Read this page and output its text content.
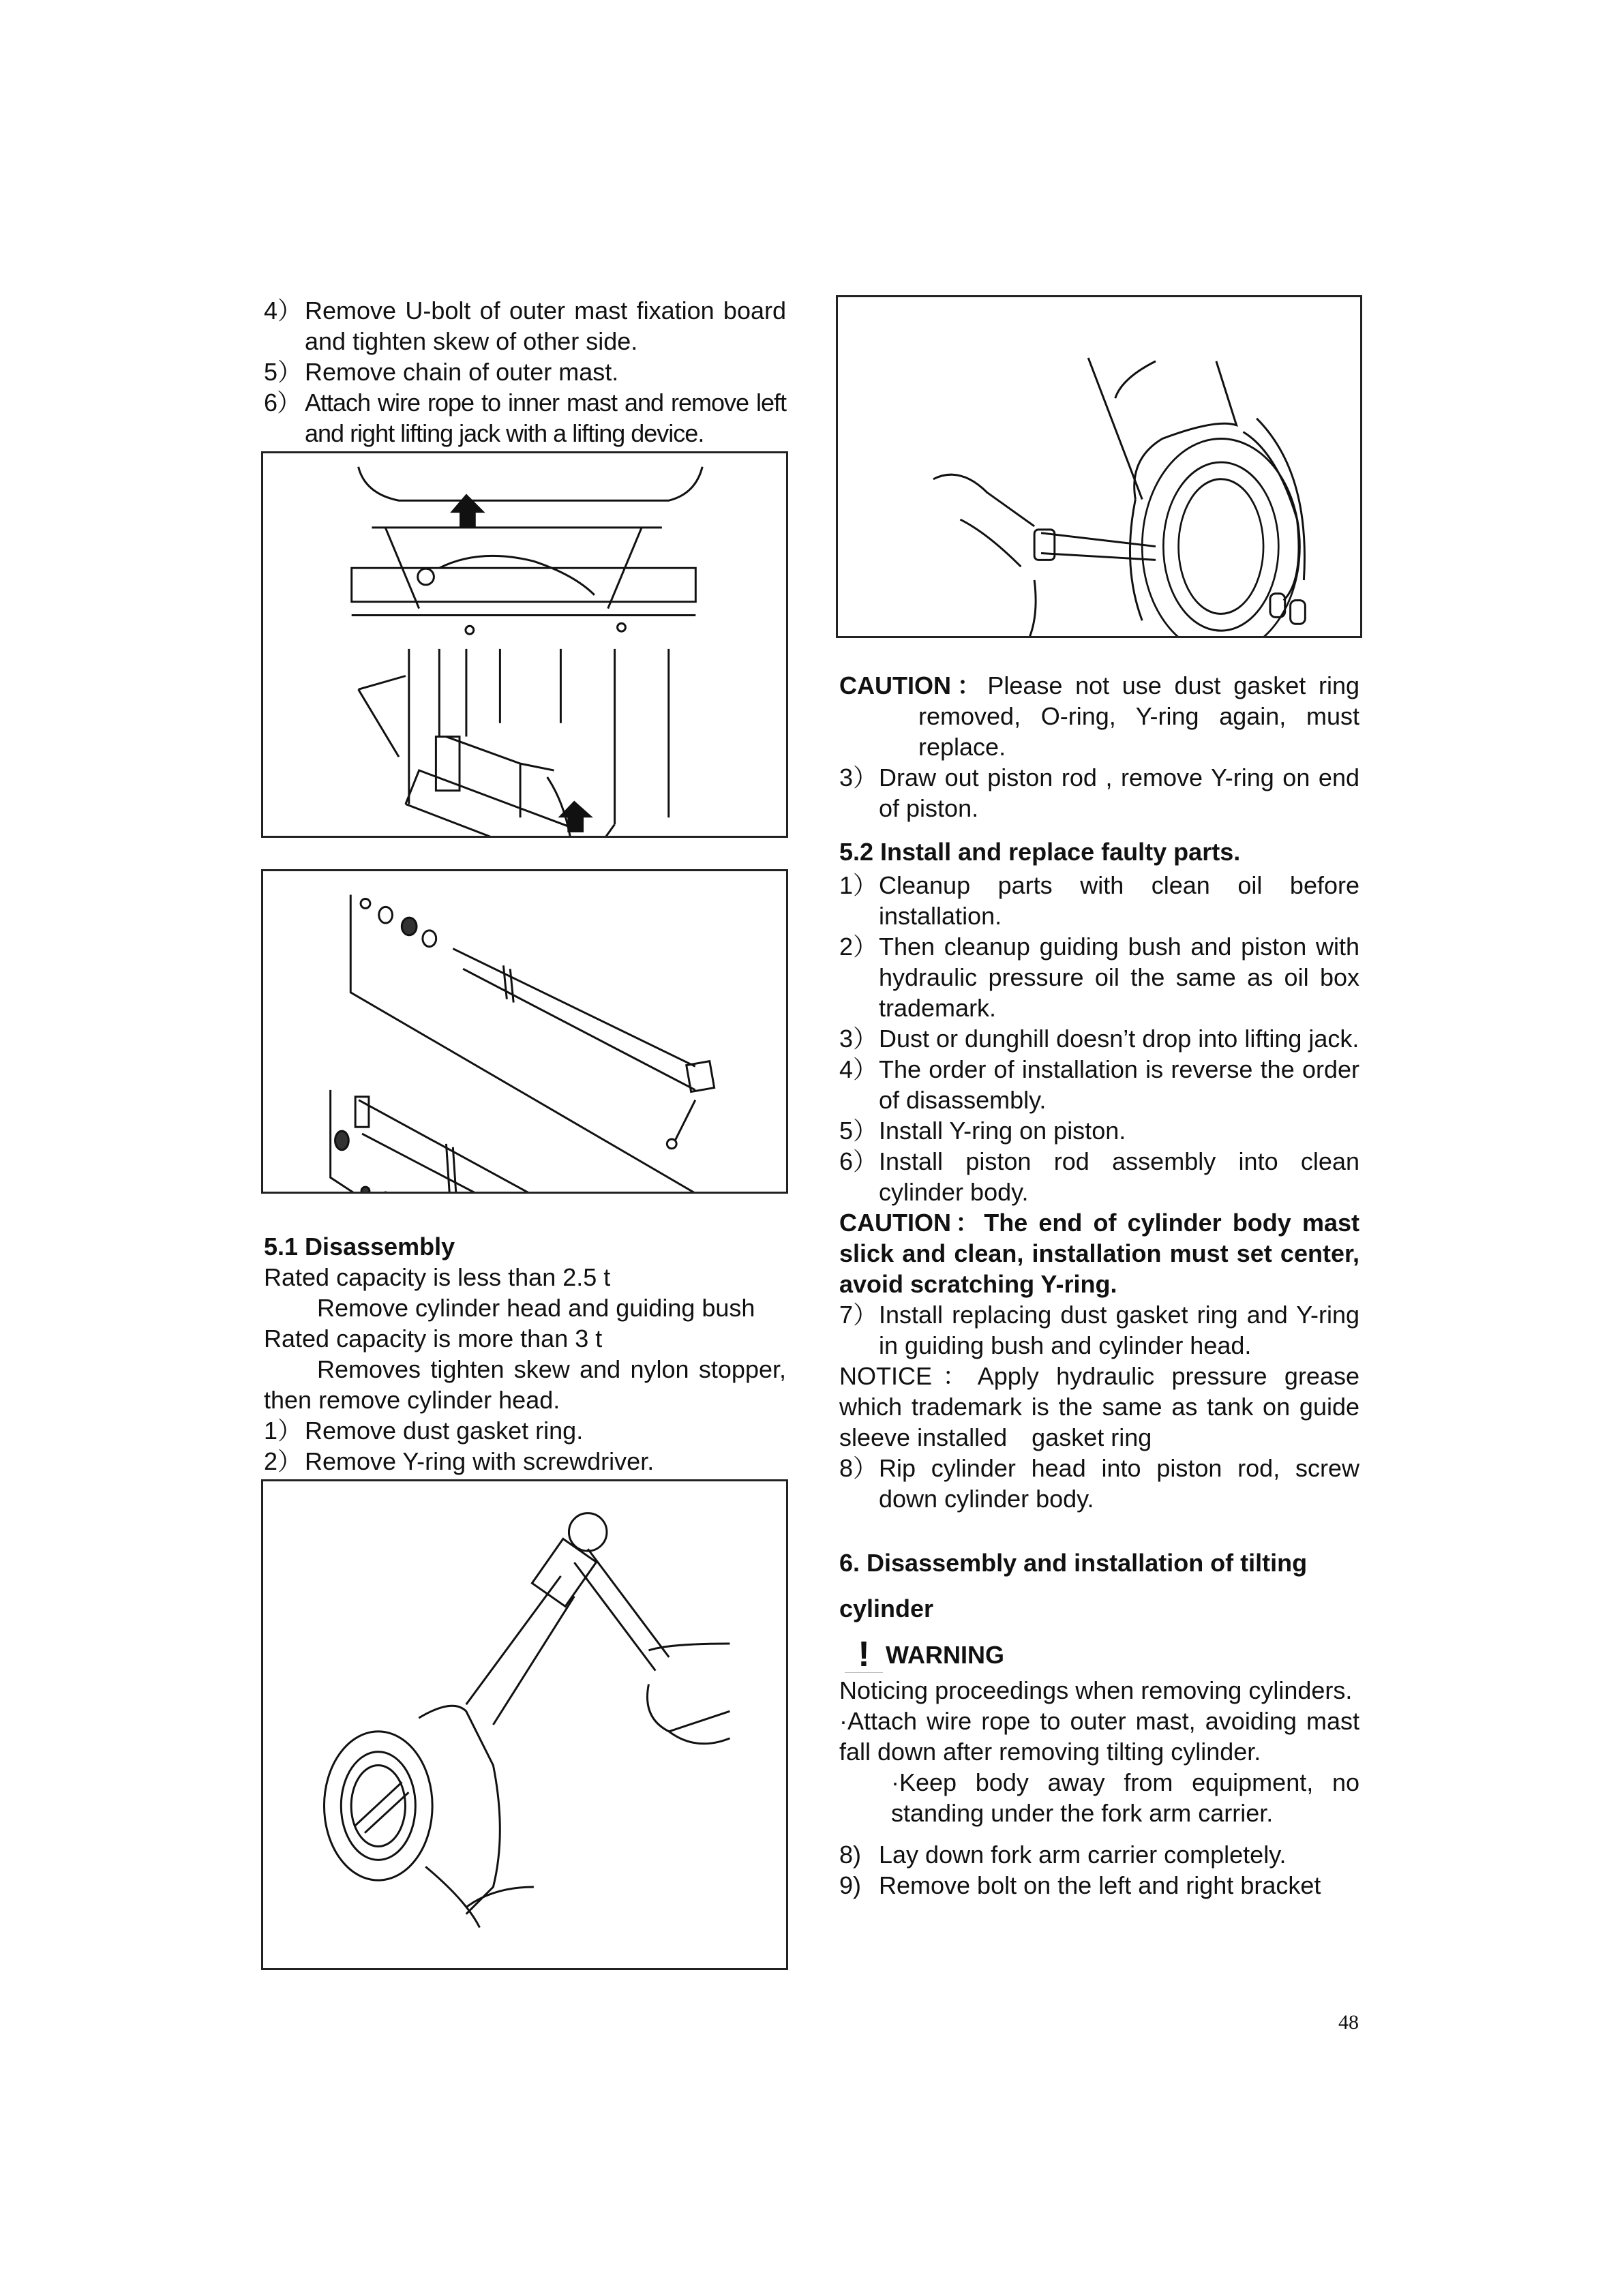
4） Remove U-bolt of outer mast fixation board and tighten skew of other side.

5） Remove chain of outer mast.

6） Attach wire rope to inner mast and remove left and right lifting jack with a lifting device.

5.1 Disassembly

Rated capacity is less than 2.5 t

Remove cylinder head and guiding bush

Rated capacity is more than 3 t

Removes tighten skew and nylon stopper, then remove cylinder head.

1） Remove dust gasket ring.

2） Remove Y-ring with screwdriver.

CAUTION：Please not use dust gasket ring removed, O-ring, Y-ring again, must replace.

3）Draw out piston rod , remove Y-ring on end of piston.

5.2 Install and replace faulty parts.

1）Cleanup parts with clean oil before installation.

2）Then cleanup guiding bush and piston with hydraulic pressure oil the same as oil box trademark.

3）Dust or dunghill doesn’t drop into lifting jack.

4）The order of installation is reverse the order of disassembly.

5）Install Y-ring on piston.

6）Install piston rod assembly into clean cylinder body.

CAUTION：The end of cylinder body mast slick and clean, installation must set center, avoid scratching Y-ring.

7）Install replacing dust gasket ring and Y-ring in guiding bush and cylinder head.

NOTICE：Apply hydraulic pressure grease which trademark is the same as tank on guide sleeve installed　gasket ring

8）Rip cylinder head into piston rod, screw down cylinder body.

6. Disassembly and installation of tilting cylinder

! WARNING

Noticing proceedings when removing cylinders.

·Attach wire rope to outer mast, avoiding mast fall down after removing tilting cylinder.

·Keep body away from equipment, no standing under the fork arm carrier.

8) Lay down fork arm carrier completely.

9) Remove bolt on the left and right bracket

48
